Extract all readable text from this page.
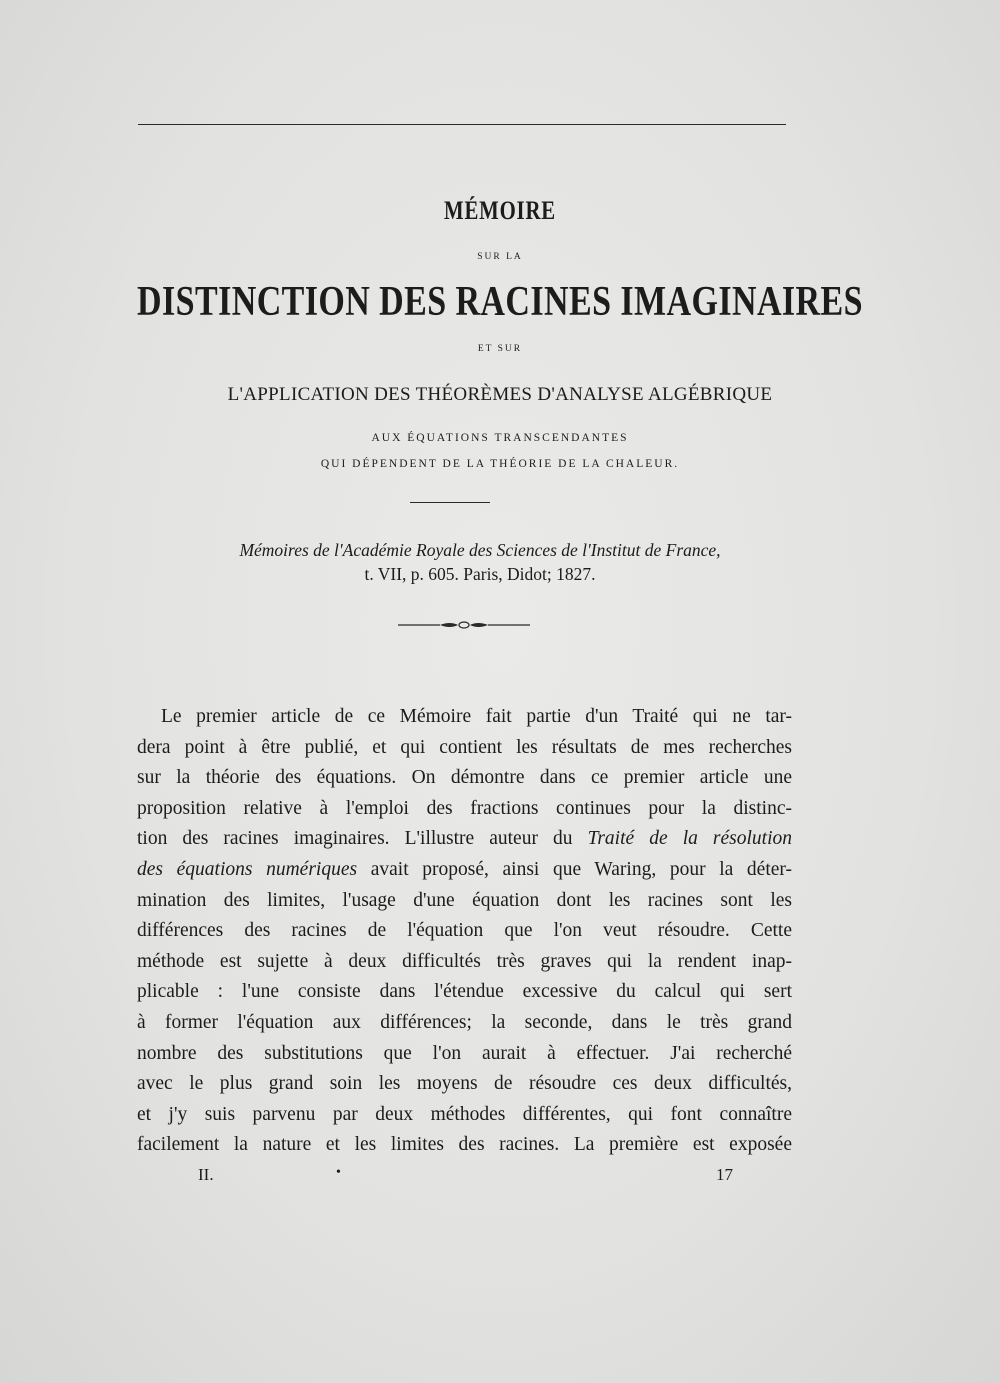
MÉMOIRE
SUR LA
DISTINCTION DES RACINES IMAGINAIRES
ET SUR
L'APPLICATION DES THÉORÈMES D'ANALYSE ALGÉBRIQUE
AUX ÉQUATIONS TRANSCENDANTES
QUI DÉPENDENT DE LA THÉORIE DE LA CHALEUR.
Mémoires de l'Académie Royale des Sciences de l'Institut de France,
t. VII, p. 605. Paris, Didot; 1827.
Le premier article de ce Mémoire fait partie d'un Traité qui ne tar-
dera point à être publié, et qui contient les résultats de mes recherches
sur la théorie des équations. On démontre dans ce premier article une
proposition relative à l'emploi des fractions continues pour la distinc-
tion des racines imaginaires. L'illustre auteur du Traité de la résolution
des équations numériques avait proposé, ainsi que Waring, pour la déter-
mination des limites, l'usage d'une équation dont les racines sont les
différences des racines de l'équation que l'on veut résoudre. Cette
méthode est sujette à deux difficultés très graves qui la rendent inap-
plicable : l'une consiste dans l'étendue excessive du calcul qui sert
à former l'équation aux différences; la seconde, dans le très grand
nombre des substitutions que l'on aurait à effectuer. J'ai recherché
avec le plus grand soin les moyens de résoudre ces deux difficultés,
et j'y suis parvenu par deux méthodes différentes, qui font connaître
facilement la nature et les limites des racines. La première est exposée
II.	•	17
